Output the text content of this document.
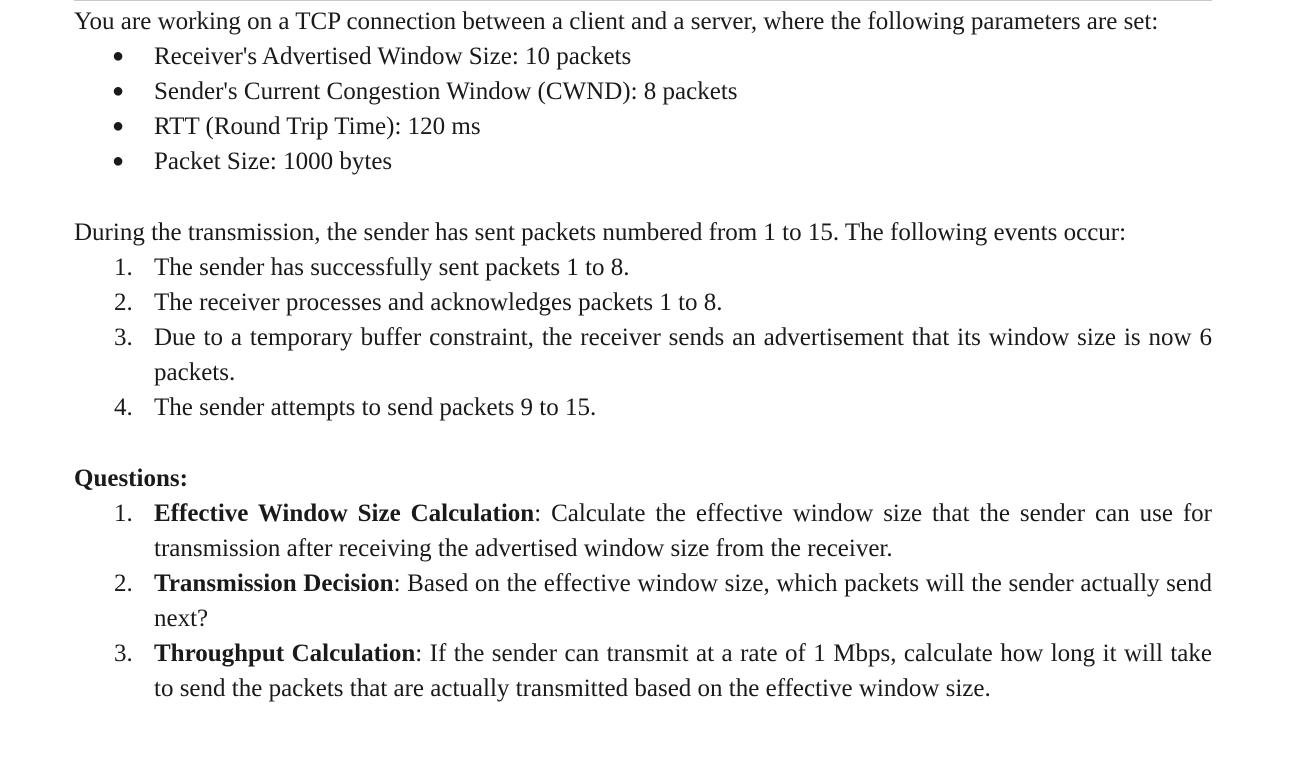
You are working on a TCP connection between a client and a server, where the following parameters are set:

● Receiver's Advertised Window Size: 10 packets
● Sender's Current Congestion Window (CWND): 8 packets
● RTT (Round Trip Time): 120 ms
● Packet Size: 1000 bytes

During the transmission, the sender has sent packets numbered from 1 to 15. The following events occur:

1. The sender has successfully sent packets 1 to 8.
2. The receiver processes and acknowledges packets 1 to 8.
3. Due to a temporary buffer constraint, the receiver sends an advertisement that its window size is now 6 packets.
4. The sender attempts to send packets 9 to 15.

Questions:

1. Effective Window Size Calculation: Calculate the effective window size that the sender can use for transmission after receiving the advertised window size from the receiver.
2. Transmission Decision: Based on the effective window size, which packets will the sender actually send next?
3. Throughput Calculation: If the sender can transmit at a rate of 1 Mbps, calculate how long it will take to send the packets that are actually transmitted based on the effective window size.
